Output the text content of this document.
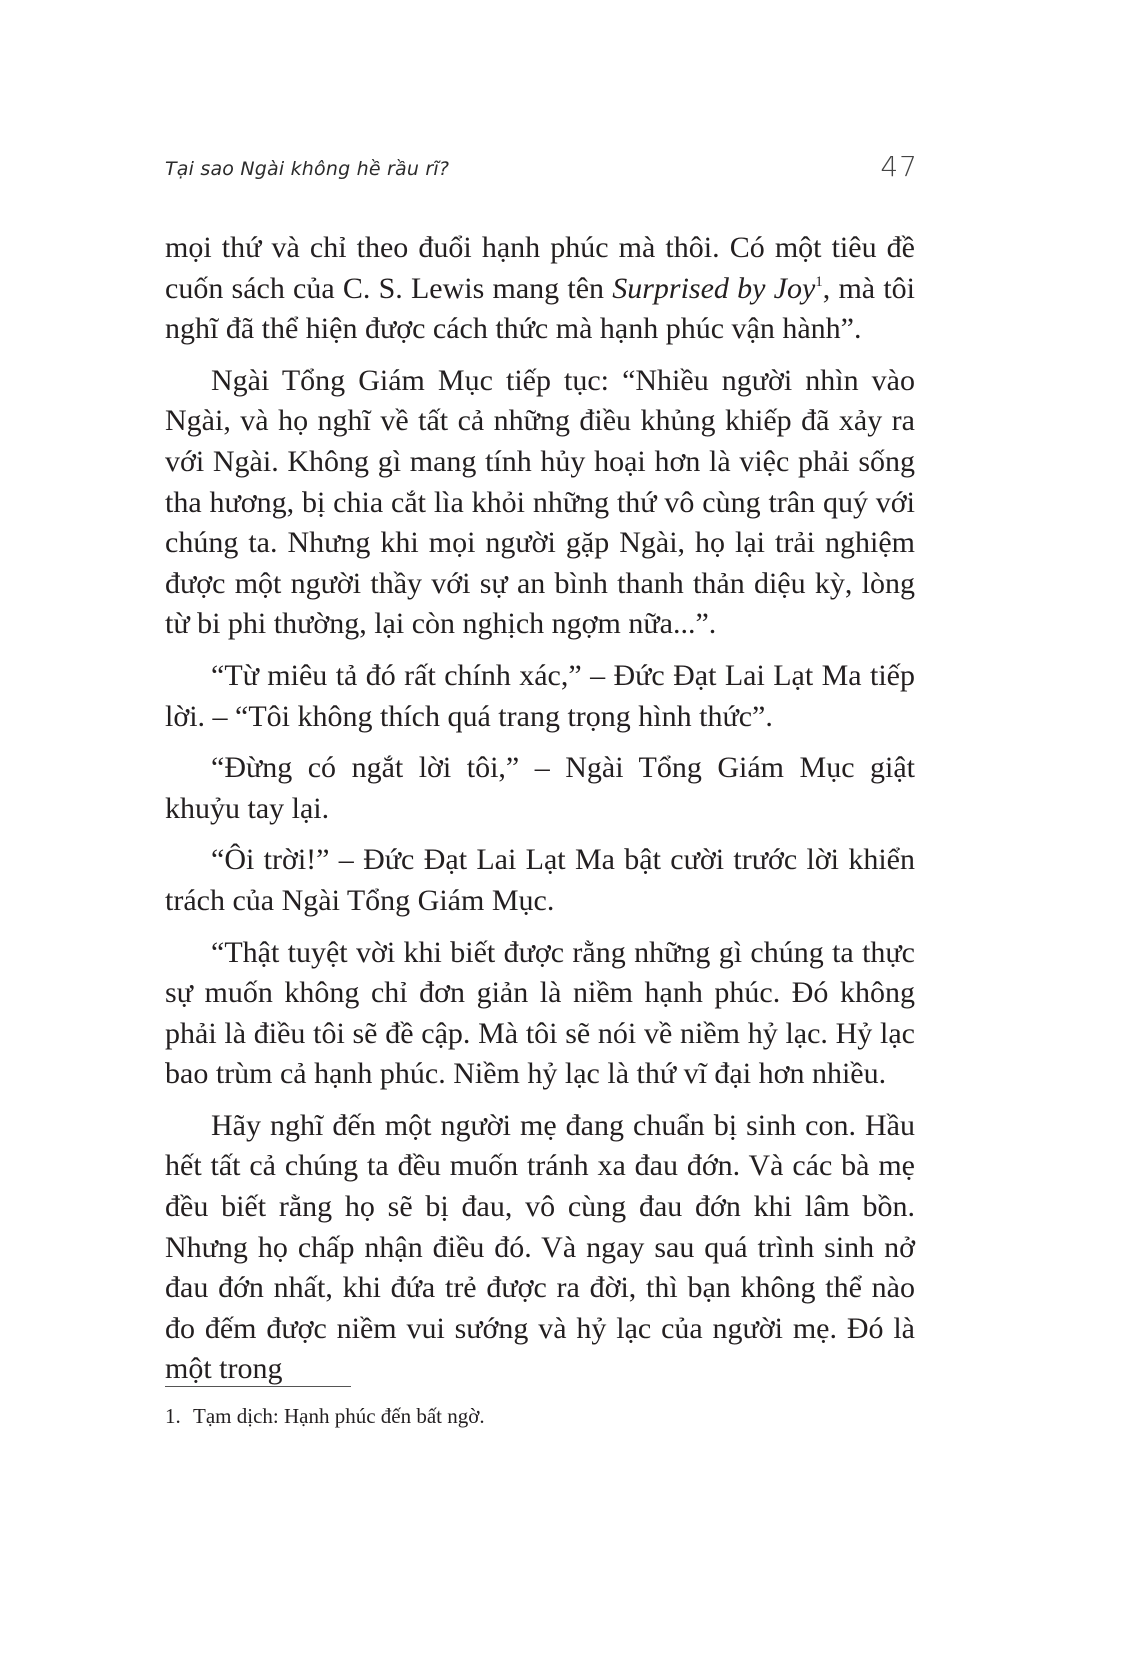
Tại sao Ngài không hề rầu rĩ?	47

mọi thứ và chỉ theo đuổi hạnh phúc mà thôi. Có một tiêu đề cuốn sách của C. S. Lewis mang tên Surprised by Joy$^1$, mà tôi nghĩ đã thể hiện được cách thức mà hạnh phúc vận hành”.

Ngài Tổng Giám Mục tiếp tục: “Nhiều người nhìn vào Ngài, và họ nghĩ về tất cả những điều khủng khiếp đã xảy ra với Ngài. Không gì mang tính hủy hoại hơn là việc phải sống tha hương, bị chia cắt lìa khỏi những thứ vô cùng trân quý với chúng ta. Nhưng khi mọi người gặp Ngài, họ lại trải nghiệm được một người thầy với sự an bình thanh thản diệu kỳ, lòng từ bi phi thường, lại còn nghịch ngợm nữa...”.

“Từ miêu tả đó rất chính xác,” – Đức Đạt Lai Lạt Ma tiếp lời. – “Tôi không thích quá trang trọng hình thức”.

“Đừng có ngắt lời tôi,” – Ngài Tổng Giám Mục giật khuỷu tay lại.

“Ôi trời!” – Đức Đạt Lai Lạt Ma bật cười trước lời khiển trách của Ngài Tổng Giám Mục.

“Thật tuyệt vời khi biết được rằng những gì chúng ta thực sự muốn không chỉ đơn giản là niềm hạnh phúc. Đó không phải là điều tôi sẽ đề cập. Mà tôi sẽ nói về niềm hỷ lạc. Hỷ lạc bao trùm cả hạnh phúc. Niềm hỷ lạc là thứ vĩ đại hơn nhiều.

Hãy nghĩ đến một người mẹ đang chuẩn bị sinh con. Hầu hết tất cả chúng ta đều muốn tránh xa đau đớn. Và các bà mẹ đều biết rằng họ sẽ bị đau, vô cùng đau đớn khi lâm bồn. Nhưng họ chấp nhận điều đó. Và ngay sau quá trình sinh nở đau đớn nhất, khi đứa trẻ được ra đời, thì bạn không thể nào đo đếm được niềm vui sướng và hỷ lạc của người mẹ. Đó là một trong

1. Tạm dịch: Hạnh phúc đến bất ngờ.
